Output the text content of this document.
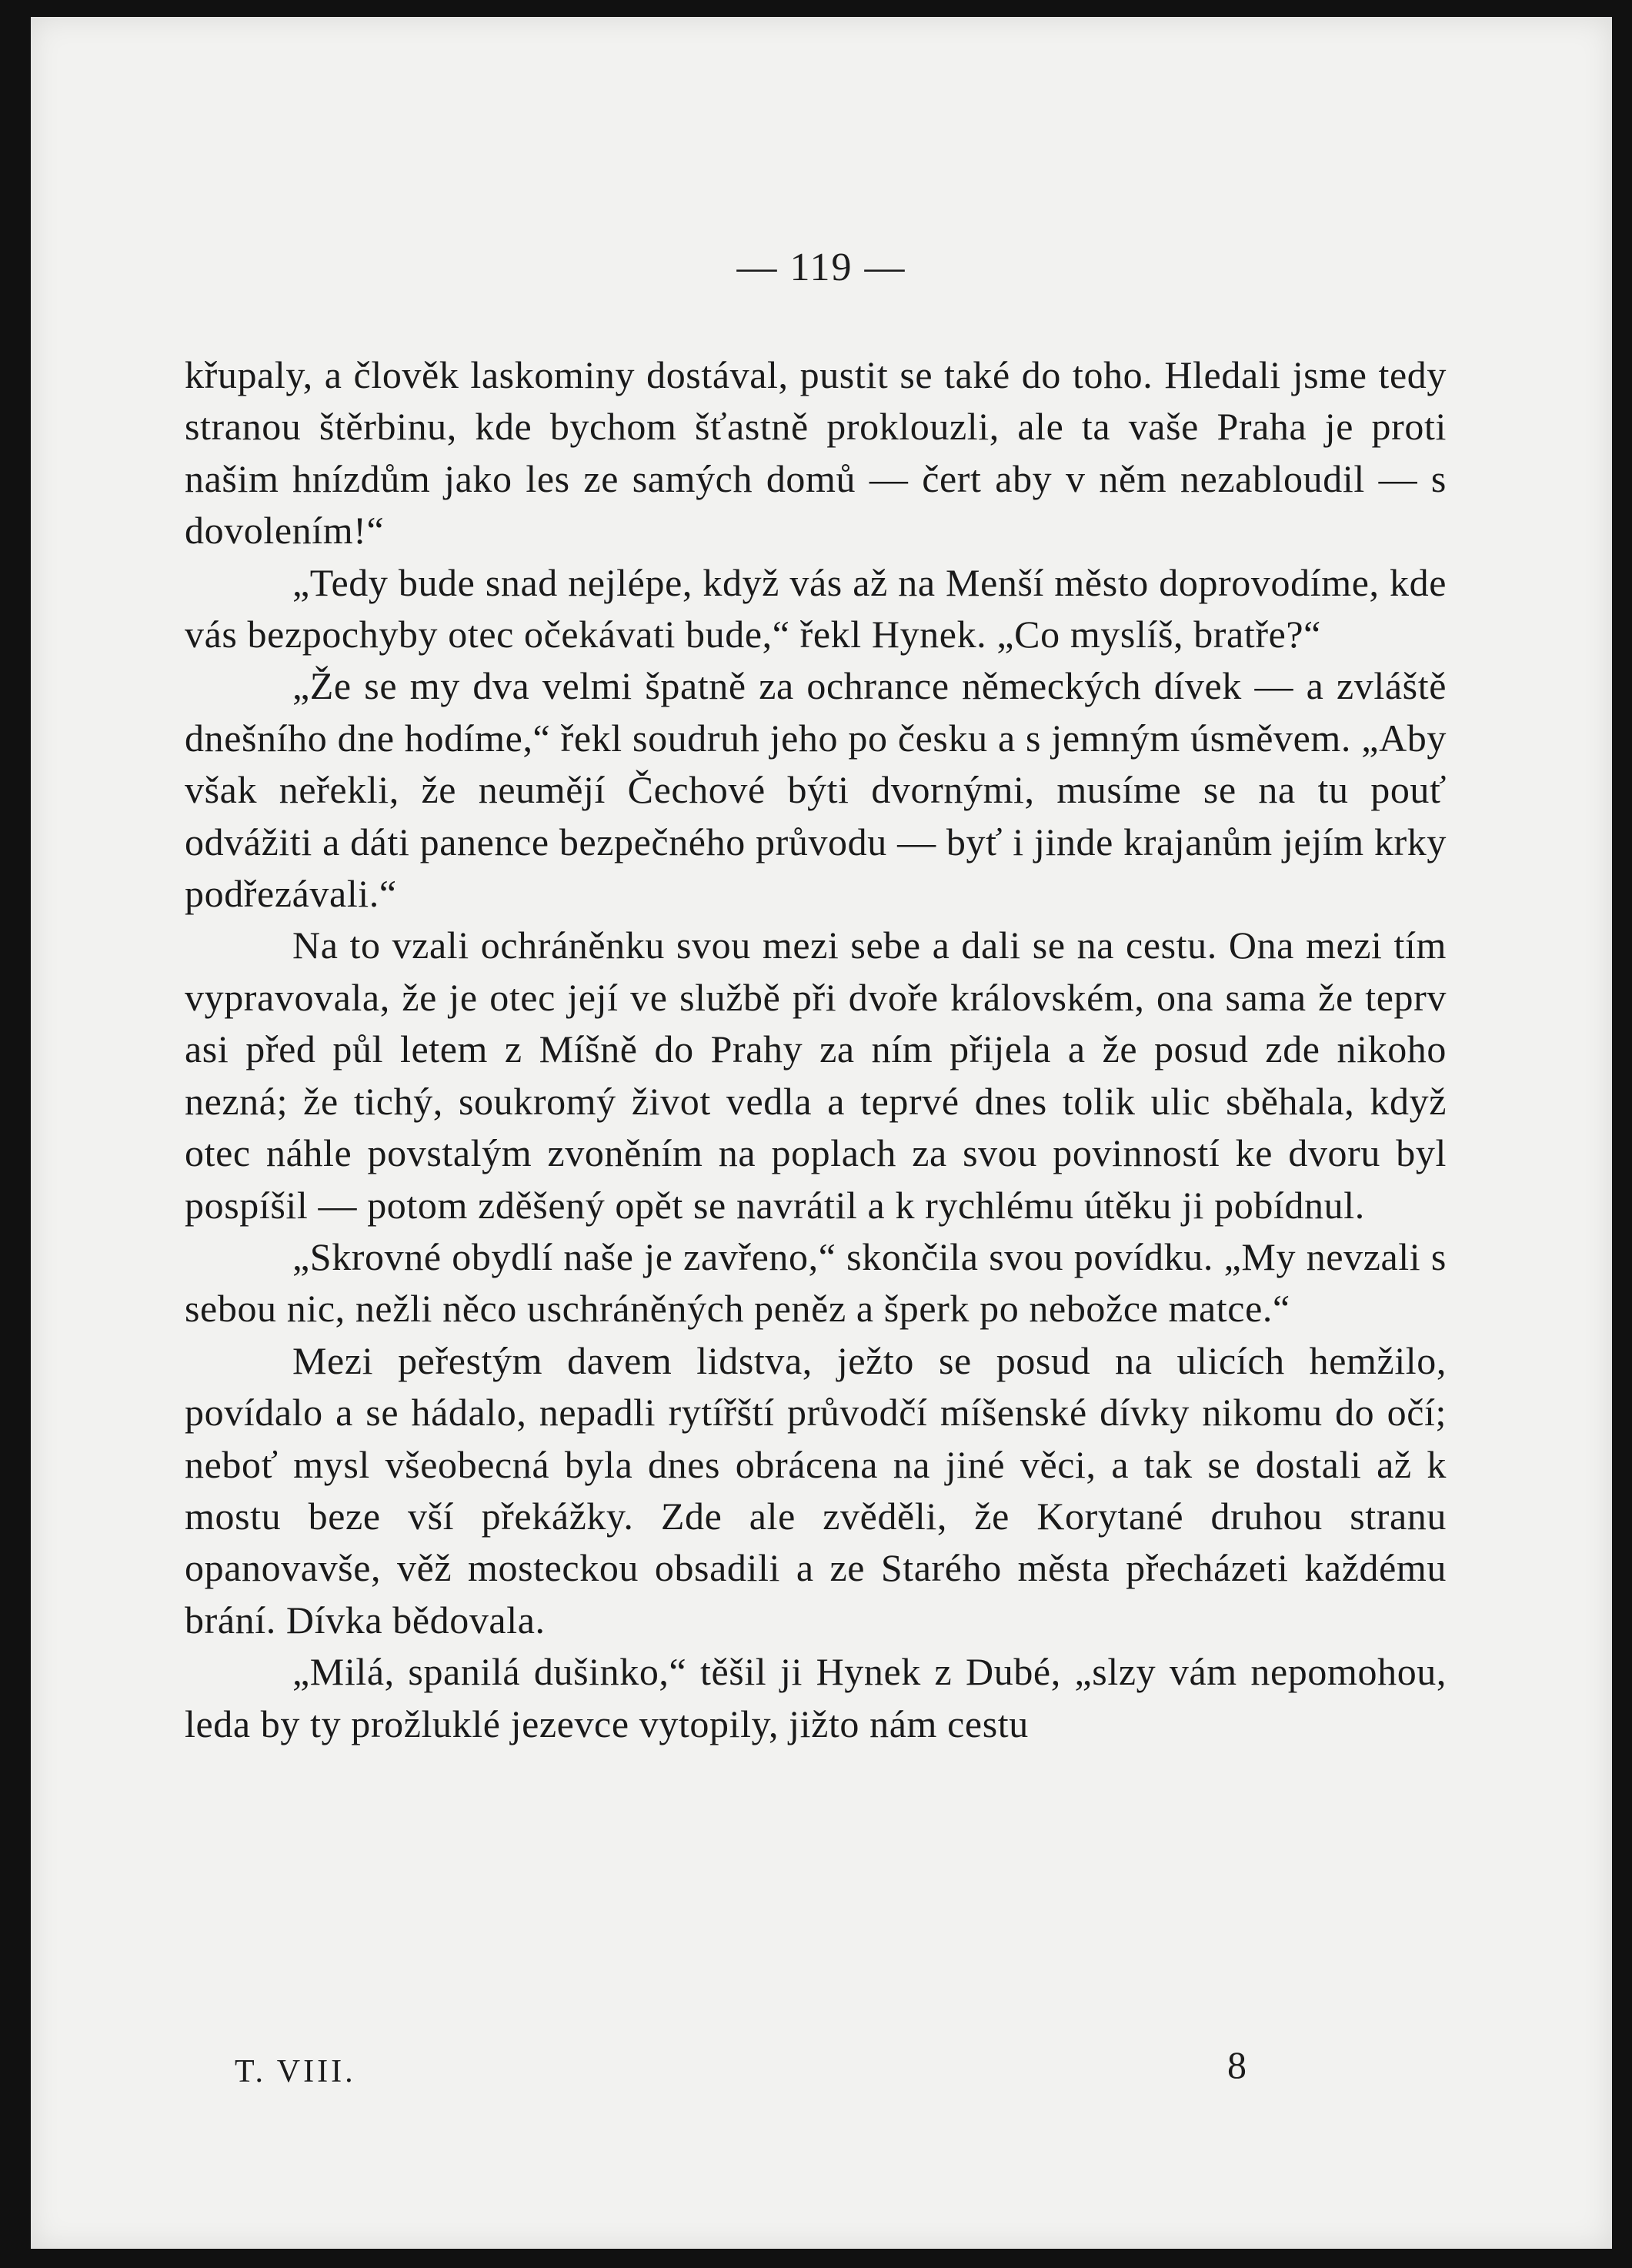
— 119 —

křupaly, a člověk laskominy dostával, pustit se také do toho. Hledali jsme tedy stranou štěrbinu, kde bychom šťastně proklouzli, ale ta vaše Praha je proti našim hnízdům jako les ze samých domů — čert aby v něm nezabloudil — s dovolením!“

„Tedy bude snad nejlépe, když vás až na Menší město doprovodíme, kde vás bezpochyby otec očekávati bude,“ řekl Hynek. „Co myslíš, bratře?“

„Že se my dva velmi špatně za ochrance německých dívek — a zvláště dnešního dne hodíme,“ řekl soudruh jeho po česku a s jemným úsměvem. „Aby však neřekli, že neumějí Čechové býti dvornými, musíme se na tu pouť odvážiti a dáti panence bezpečného průvodu — byť i jinde krajanům jejím krky podřezávali.“

Na to vzali ochráněnku svou mezi sebe a dali se na cestu. Ona mezi tím vypravovala, že je otec její ve službě při dvoře královském, ona sama že teprv asi před půl letem z Míšně do Prahy za ním přijela a že posud zde nikoho nezná; že tichý, soukromý život vedla a teprvé dnes tolik ulic sběhala, když otec náhle povstalým zvoněním na poplach za svou povinností ke dvoru byl pospíšil — potom zděšený opět se navrátil a k rychlému útěku ji pobídnul.

„Skrovné obydlí naše je zavřeno,“ skončila svou povídku. „My nevzali s sebou nic, nežli něco uschráněných peněz a šperk po nebožce matce.“

Mezi peřestým davem lidstva, ježto se posud na ulicích hemžilo, povídalo a se hádalo, nepadli rytířští průvodčí míšenské dívky nikomu do očí; neboť mysl všeobecná byla dnes obrácena na jiné věci, a tak se dostali až k mostu beze vší překážky. Zde ale zvěděli, že Korytané druhou stranu opanovavše, věž mosteckou obsadili a ze Starého města přecházeti každému brání. Dívka bědovala.

„Milá, spanilá dušinko,“ těšil ji Hynek z Dubé, „slzy vám nepomohou, leda by ty prožluklé jezevce vytopily, jižto nám cestu

T. VIII.	8
